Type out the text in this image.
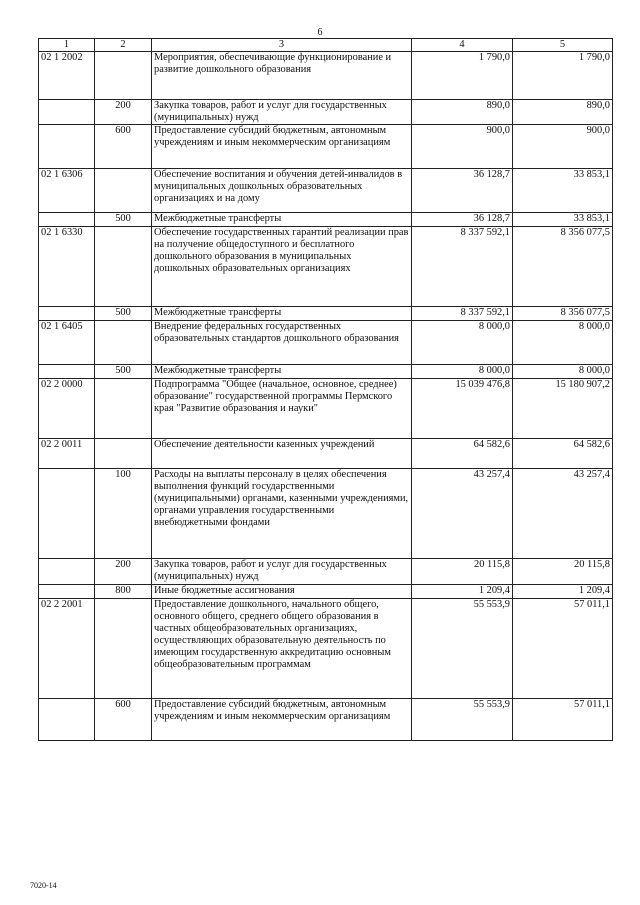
6
1	2	3	4	5
02 1 2002		Мероприятия, обеспечивающие функционирование и развитие дошкольного образования	1 790,0	1 790,0
	200	Закупка товаров, работ и услуг для государственных (муниципальных) нужд	890,0	890,0
	600	Предоставление субсидий бюджетным, автономным учреждениям и иным некоммерческим организациям	900,0	900,0
02 1 6306		Обеспечение воспитания и обучения детей-инвалидов в муниципальных дошкольных образовательных организациях и на дому	36 128,7	33 853,1
	500	Межбюджетные трансферты	36 128,7	33 853,1
02 1 6330		Обеспечение государственных гарантий реализации прав на получение общедоступного и бесплатного дошкольного образования в муниципальных дошкольных образовательных организациях	8 337 592,1	8 356 077,5
	500	Межбюджетные трансферты	8 337 592,1	8 356 077,5
02 1 6405		Внедрение федеральных государственных образовательных стандартов дошкольного образования	8 000,0	8 000,0
	500	Межбюджетные трансферты	8 000,0	8 000,0
02 2 0000		Подпрограмма "Общее (начальное, основное, среднее) образование" государственной программы Пермского края "Развитие образования и науки"	15 039 476,8	15 180 907,2
02 2 0011		Обеспечение деятельности казенных учреждений	64 582,6	64 582,6
	100	Расходы на выплаты персоналу в целях обеспечения выполнения функций государственными (муниципальными) органами, казенными учреждениями, органами управления государственными внебюджетными фондами	43 257,4	43 257,4
	200	Закупка товаров, работ и услуг для государственных (муниципальных) нужд	20 115,8	20 115,8
	800	Иные бюджетные ассигнования	1 209,4	1 209,4
02 2 2001		Предоставление дошкольного, начального общего, основного общего, среднего общего образования в частных общеобразовательных организациях, осуществляющих образовательную деятельность по имеющим государственную аккредитацию основным общеобразовательным программам	55 553,9	57 011,1
	600	Предоставление субсидий бюджетным, автономным учреждениям и иным некоммерческим организациям	55 553,9	57 011,1
7020-14
